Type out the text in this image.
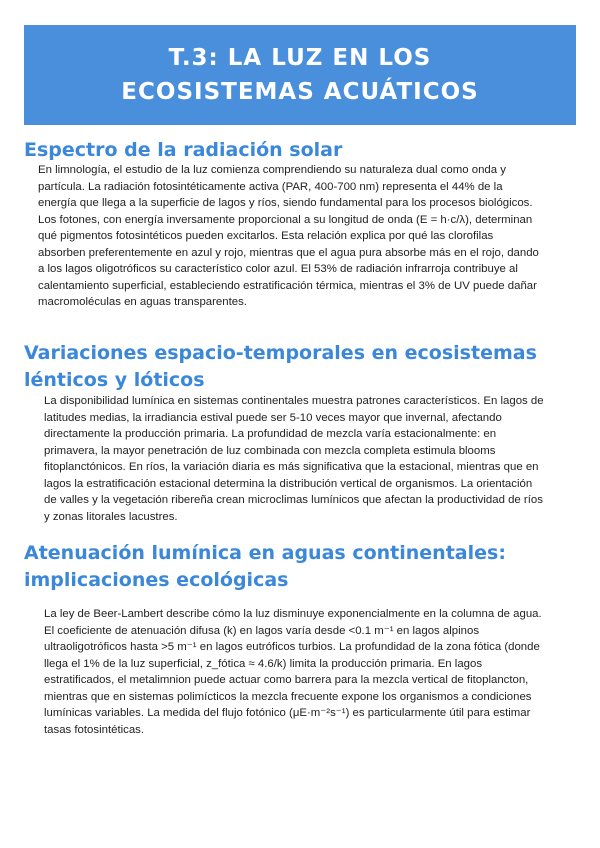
T.3: LA LUZ EN LOS ECOSISTEMAS ACUÁTICOS
Espectro de la radiación solar

En limnología, el estudio de la luz comienza comprendiendo su naturaleza dual como onda y partícula. La radiación fotosintéticamente activa (PAR, 400-700 nm) representa el 44% de la energía que llega a la superficie de lagos y ríos, siendo fundamental para los procesos biológicos. Los fotones, con energía inversamente proporcional a su longitud de onda (E = h·c/λ), determinan qué pigmentos fotosintéticos pueden excitarlos. Esta relación explica por qué las clorofilas absorben preferentemente en azul y rojo, mientras que el agua pura absorbe más en el rojo, dando a los lagos oligotróficos su característico color azul. El 53% de radiación infrarroja contribuye al calentamiento superficial, estableciendo estratificación térmica, mientras el 3% de UV puede dañar macromoléculas en aguas transparentes.

Variaciones espacio-temporales en ecosistemas lénticos y lóticos

La disponibilidad lumínica en sistemas continentales muestra patrones característicos. En lagos de latitudes medias, la irradiancia estival puede ser 5-10 veces mayor que invernal, afectando directamente la producción primaria. La profundidad de mezcla varía estacionalmente: en primavera, la mayor penetración de luz combinada con mezcla completa estimula blooms fitoplanctónicos. En ríos, la variación diaria es más significativa que la estacional, mientras que en lagos la estratificación estacional determina la distribución vertical de organismos. La orientación de valles y la vegetación ribereña crean microclimas lumínicos que afectan la productividad de ríos y zonas litorales lacustres.

Atenuación lumínica en aguas continentales: implicaciones ecológicas

La ley de Beer-Lambert describe cómo la luz disminuye exponencialmente en la columna de agua. El coeficiente de atenuación difusa (k) en lagos varía desde <0.1 m⁻¹ en lagos alpinos ultraoligotróficos hasta >5 m⁻¹ en lagos eutróficos turbios. La profundidad de la zona fótica (donde llega el 1% de la luz superficial, z_fótica ≈ 4.6/k) limita la producción primaria. En lagos estratificados, el metalimnion puede actuar como barrera para la mezcla vertical de fitoplancton, mientras que en sistemas polimícticos la mezcla frecuente expone los organismos a condiciones lumínicas variables. La medida del flujo fotónico (μE·m⁻²s⁻¹) es particularmente útil para estimar tasas fotosintéticas.
